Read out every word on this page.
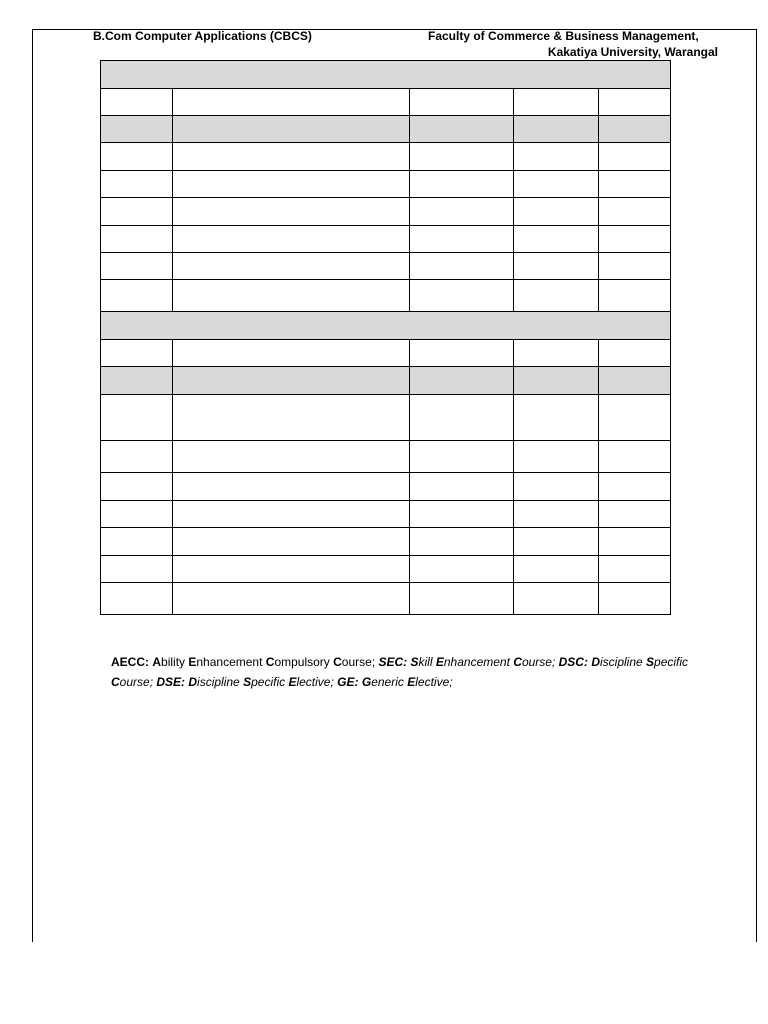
B.Com Computer Applications (CBCS)	Faculty of Commerce & Business Management,
Kakatiya University, Warangal

AECC: Ability Enhancement Compulsory Course; SEC: Skill Enhancement Course; DSC: Discipline Specific
Course; DSE: Discipline Specific Elective; GE: Generic Elective;
